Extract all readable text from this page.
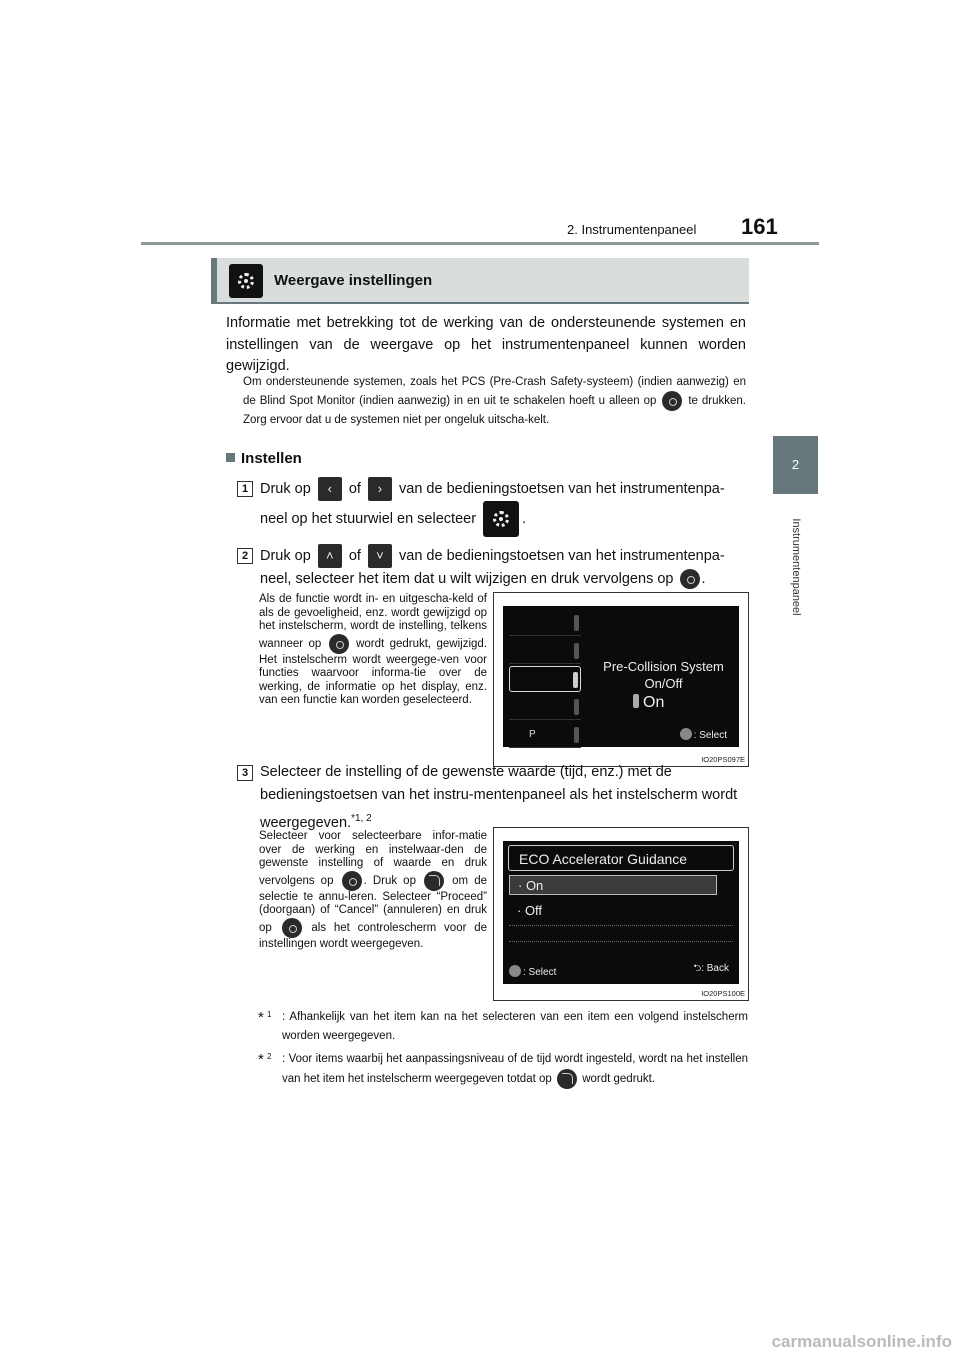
2. Instrumentenpaneel 161
2
Instrumentenpaneel
Weergave instellingen
Informatie met betrekking tot de werking van de ondersteunende systemen en instellingen van de weergave op het instrumentenpaneel kunnen worden gewijzigd.
Om ondersteunende systemen, zoals het PCS (Pre-Crash Safety-systeem) (indien aanwezig) en de Blind Spot Monitor (indien aanwezig) in en uit te schakelen hoeft u alleen op	te drukken. Zorg ervoor dat u de systemen niet per ongeluk uitscha-kelt.
Instellen
1 Druk op ‹ of › van de bedieningstoetsen van het instrumentenpa-neel op het stuurwiel en selecteer	.
2 Druk op ˄ of ˅ van de bedieningstoetsen van het instrumentenpa-neel, selecteer het item dat u wilt wijzigen en druk vervolgens op .
Als de functie wordt in- en uitgescha-keld of als de gevoeligheid, enz. wordt gewijzigd op het instelscherm, wordt de instelling, telkens wanneer op	wordt gedrukt, gewijzigd. Het instelscherm wordt weergege-ven voor functies waarvoor informa-tie over de werking, de informatie op het display, enz. van een functie kan worden geselecteerd.
P
Pre-Collision System On/Off
On
: Select
IO20PS097E
3 Selecteer de instelling of de gewenste waarde (tijd, enz.) met de bedieningstoetsen van het instru-mentenpaneel als het instelscherm wordt weergegeven.$^{*1, 2}$
Selecteer voor selecteerbare infor-matie over de werking en instelwaar-den de gewenste instelling of waarde en druk vervolgens op	. Druk op	om de selectie te annu-leren. Selecteer “Proceed” (doorgaan) of “Cancel” (annuleren) en druk op	als het controlescherm voor de instellingen wordt weergegeven.
ECO Accelerator Guidance
· On
· Off
: Select	⮌: Back
IO20PS100E
* 1 : Afhankelijk van het item kan na het selecteren van een item een volgend instelscherm worden weergegeven.
* 2 : Voor items waarbij het aanpassingsniveau of de tijd wordt ingesteld, wordt na het instellen van het item het instelscherm weergegeven totdat op	wordt gedrukt.
carmanualsonline.info
